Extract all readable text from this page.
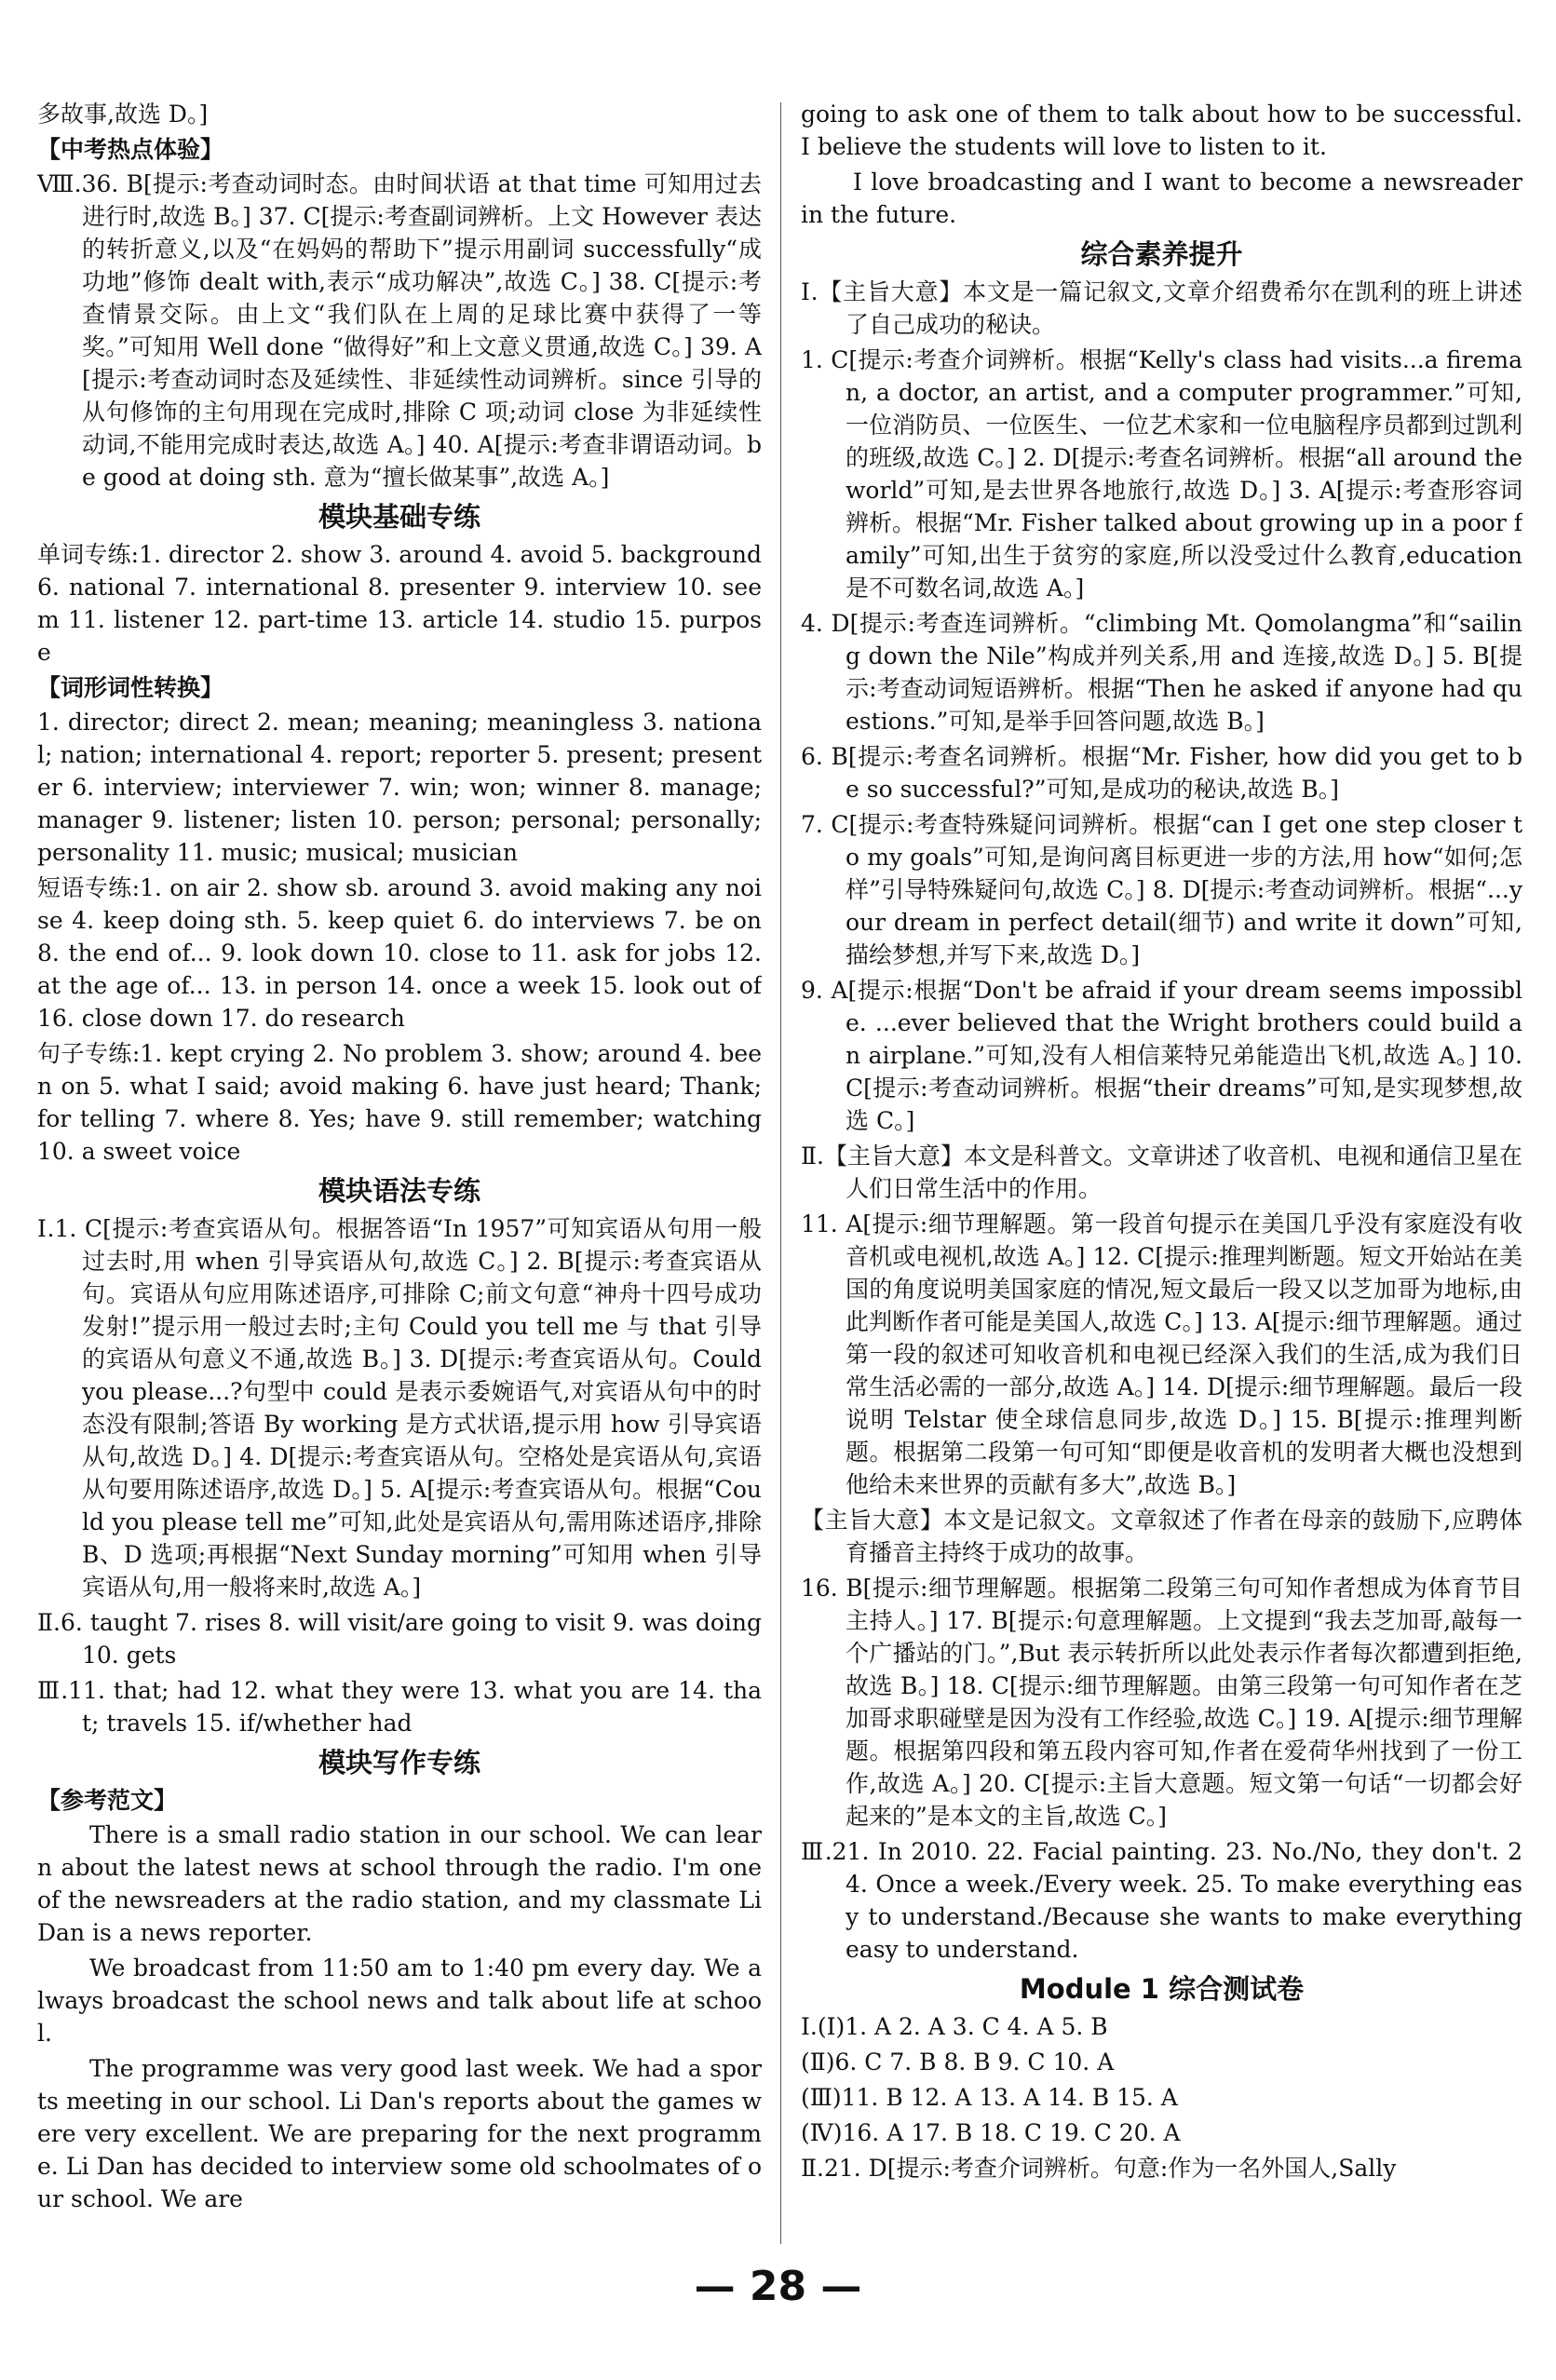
多故事,故选 D。]

【中考热点体验】

Ⅷ.36. B[提示:考查动词时态。由时间状语 at that time 可知用过去进行时,故选 B。] 37. C[提示:考查副词辨析。上文 However 表达的转折意义,以及“在妈妈的帮助下”提示用副词 successfully“成功地”修饰 dealt with,表示“成功解决”,故选 C。] 38. C[提示:考查情景交际。由上文“我们队在上周的足球比赛中获得了一等奖。”可知用 Well done “做得好”和上文意义贯通,故选 C。] 39. A[提示:考查动词时态及延续性、非延续性动词辨析。since 引导的从句修饰的主句用现在完成时,排除 C 项;动词 close 为非延续性动词,不能用完成时表达,故选 A。] 40. A[提示:考查非谓语动词。be good at doing sth. 意为“擅长做某事”,故选 A。]

模块基础专练

单词专练:1. director 2. show 3. around 4. avoid 5. background 6. national 7. international 8. presenter 9. interview 10. seem 11. listener 12. part-time 13. article 14. studio 15. purpose

【词形词性转换】

1. director; direct 2. mean; meaning; meaningless 3. national; nation; international 4. report; reporter 5. present; presenter 6. interview; interviewer 7. win; won; winner 8. manage; manager 9. listener; listen 10. person; personal; personally; personality 11. music; musical; musician

短语专练:1. on air 2. show sb. around 3. avoid making any noise 4. keep doing sth. 5. keep quiet 6. do interviews 7. be on 8. the end of... 9. look down 10. close to 11. ask for jobs 12. at the age of... 13. in person 14. once a week 15. look out of 16. close down 17. do research

句子专练:1. kept crying 2. No problem 3. show; around 4. been on 5. what I said; avoid making 6. have just heard; Thank; for telling 7. where 8. Yes; have 9. still remember; watching 10. a sweet voice

模块语法专练

Ⅰ.1. C[提示:考查宾语从句。根据答语“In 1957”可知宾语从句用一般过去时,用 when 引导宾语从句,故选 C。] 2. B[提示:考查宾语从句。宾语从句应用陈述语序,可排除 C;前文句意“神舟十四号成功发射!”提示用一般过去时;主句 Could you tell me 与 that 引导的宾语从句意义不通,故选 B。] 3. D[提示:考查宾语从句。Could you please...?句型中 could 是表示委婉语气,对宾语从句中的时态没有限制;答语 By working 是方式状语,提示用 how 引导宾语从句,故选 D。] 4. D[提示:考查宾语从句。空格处是宾语从句,宾语从句要用陈述语序,故选 D。] 5. A[提示:考查宾语从句。根据“Could you please tell me”可知,此处是宾语从句,需用陈述语序,排除 B、D 选项;再根据“Next Sunday morning”可知用 when 引导宾语从句,用一般将来时,故选 A。]

Ⅱ.6. taught 7. rises 8. will visit/are going to visit 9. was doing 10. gets

Ⅲ.11. that; had 12. what they were 13. what you are 14. that; travels 15. if/whether had

模块写作专练
【参考范文】

There is a small radio station in our school. We can learn about the latest news at school through the radio. I'm one of the newsreaders at the radio station, and my classmate Li Dan is a news reporter.

We broadcast from 11:50 am to 1:40 pm every day. We always broadcast the school news and talk about life at school.

The programme was very good last week. We had a sports meeting in our school. Li Dan's reports about the games were very excellent. We are preparing for the next programme. Li Dan has decided to interview some old schoolmates of our school. We are

going to ask one of them to talk about how to be successful. I believe the students will love to listen to it.

I love broadcasting and I want to become a newsreader in the future.

综合素养提升

Ⅰ.【主旨大意】本文是一篇记叙文,文章介绍费希尔在凯利的班上讲述了自己成功的秘诀。

1. C[提示:考查介词辨析。根据“Kelly's class had visits...a fireman, a doctor, an artist, and a computer programmer.”可知,一位消防员、一位医生、一位艺术家和一位电脑程序员都到过凯利的班级,故选 C。] 2. D[提示:考查名词辨析。根据“all around the world”可知,是去世界各地旅行,故选 D。] 3. A[提示:考查形容词辨析。根据“Mr. Fisher talked about growing up in a poor family”可知,出生于贫穷的家庭,所以没受过什么教育,education 是不可数名词,故选 A。]

4. D[提示:考查连词辨析。“climbing Mt. Qomolangma”和“sailing down the Nile”构成并列关系,用 and 连接,故选 D。] 5. B[提示:考查动词短语辨析。根据“Then he asked if anyone had questions.”可知,是举手回答问题,故选 B。]

6. B[提示:考查名词辨析。根据“Mr. Fisher, how did you get to be so successful?”可知,是成功的秘诀,故选 B。]

7. C[提示:考查特殊疑问词辨析。根据“can I get one step closer to my goals”可知,是询问离目标更进一步的方法,用 how“如何;怎样”引导特殊疑问句,故选 C。] 8. D[提示:考查动词辨析。根据“...your dream in perfect detail(细节) and write it down”可知,描绘梦想,并写下来,故选 D。]

9. A[提示:根据“Don't be afraid if your dream seems impossible. ...ever believed that the Wright brothers could build an airplane.”可知,没有人相信莱特兄弟能造出飞机,故选 A。] 10. C[提示:考查动词辨析。根据“their dreams”可知,是实现梦想,故选 C。]

Ⅱ.【主旨大意】本文是科普文。文章讲述了收音机、电视和通信卫星在人们日常生活中的作用。

11. A[提示:细节理解题。第一段首句提示在美国几乎没有家庭没有收音机或电视机,故选 A。] 12. C[提示:推理判断题。短文开始站在美国的角度说明美国家庭的情况,短文最后一段又以芝加哥为地标,由此判断作者可能是美国人,故选 C。] 13. A[提示:细节理解题。通过第一段的叙述可知收音机和电视已经深入我们的生活,成为我们日常生活必需的一部分,故选 A。] 14. D[提示:细节理解题。最后一段说明 Telstar 使全球信息同步,故选 D。] 15. B[提示:推理判断题。根据第二段第一句可知“即便是收音机的发明者大概也没想到他给未来世界的贡献有多大”,故选 B。]

【主旨大意】本文是记叙文。文章叙述了作者在母亲的鼓励下,应聘体育播音主持终于成功的故事。

16. B[提示:细节理解题。根据第二段第三句可知作者想成为体育节目主持人。] 17. B[提示:句意理解题。上文提到“我去芝加哥,敲每一个广播站的门。”,But 表示转折所以此处表示作者每次都遭到拒绝,故选 B。] 18. C[提示:细节理解题。由第三段第一句可知作者在芝加哥求职碰壁是因为没有工作经验,故选 C。] 19. A[提示:细节理解题。根据第四段和第五段内容可知,作者在爱荷华州找到了一份工作,故选 A。] 20. C[提示:主旨大意题。短文第一句话“一切都会好起来的”是本文的主旨,故选 C。]

Ⅲ.21. In 2010. 22. Facial painting. 23. No./No, they don't. 24. Once a week./Every week. 25. To make everything easy to understand./Because she wants to make everything easy to understand.

Module 1 综合测试卷

Ⅰ.(Ⅰ)1. A 2. A 3. C 4. A 5. B

(Ⅱ)6. C 7. B 8. B 9. C 10. A

(Ⅲ)11. B 12. A 13. A 14. B 15. A

(Ⅳ)16. A 17. B 18. C 19. C 20. A

Ⅱ.21. D[提示:考查介词辨析。句意:作为一名外国人,Sally

— 28 —
